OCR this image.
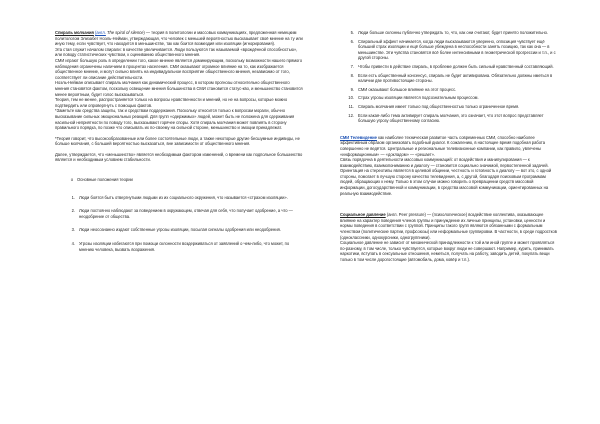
Спираль молчания (англ. The spiral of silence) — теория в политологии и массовых коммуникациях, предложенная немецким политологом Элизабет Ноэль-Нейман, утверждающая, что человек с меньшей вероятностью высказывает своё мнение на ту или иную тему, если чувствует, что находится в меньшинстве, так как боится возмездия или изоляции (игнорирования).

Эта стая служит началом спирали: в качестве увеличивается. Люди пользуются так называемой «врождённой способностью», или поводу статистических чувством, к оцениванию общественного мнения.

СМИ играют большую роль в определении того, какое мнение является доминирующим, поскольку возможности нашего прямого наблюдения ограничены наличием в процентах населения. СМИ оказывают огромное влияние на то, как изображается общественное мнение, и могут сильно влиять на индивидуальное восприятие общественного мнения, независимо от того, соответствует ли описание действительности.

Ноэль-Нейман описывает спираль молчания как динамический процесс, в котором прогнозы относительно общественного мнения становятся фактом, поскольку освещение мнения большинства в СМИ становится статус-кво, и меньшинство становится менее вероятным, будет голос высказываться.

Теория, тем не менее, распространяется только на вопросы нравственности и мнений, но не на вопросы, которые можно подтвердить или опровергнуть с помощью фактов.

*Заметьте как средства защиты, так и средствам поддержания. Поскольку относится только к вопросам морали, обычно высказывание сильных эмоциональных реакций. Для групп «одержимых» людей, может быть не положена для сдерживания насильной неприятности по поводу того, высказывают горячее споры. Хотя спираль молчания может повлиять в сторону правильного порядка, по позже что описывать их по-своему на сильной стороне, меньшинство и эмоции принадлежат.

*Теория говорит, что высокообразованные или более состоятельные люди, а также некоторые другие бесшумные индивиды, не больше молчания, с большей вероятностью высказаться, вне зависимости от общественного мнения.

Далее, утверждается, что «меньшинство» является необходимым фактором изменений, о времени как подпольное большинство является и необходимым условием стабильности.

o Основные положения теории

1. Люди боятся быть отвергнутыми людьми из их социального окружения, что называется «страхом изоляции».

2. Люди постоянно наблюдают за поведением в окружающем, отвечая для себя, что получает одобрение, а что — неодобрение от общества.

3. Люди неосознанно издают собственные угрозы изоляции, посылая сигналы одобрения или неодобрения.

4. Угрозы изоляции избегаются при помощи склонности воздерживаться от заявлений о чем-либо, что может, по мнению человека, вызвать возражения.

5. Люди больше склонны публично утверждать то, что, как они считают, будет принято положительно.

6. Спиральный эффект начинается, когда люди высказываются уверенно, оппозиция чувствует ещё больший страх изоляции и ещё больше убеждена в неспособности занять позицию, так как она — в меньшинстве. Эти чувства становятся всё более интенсивными в геометрической прогрессии и т.п., и с другой стороны.

7. Чтобы привести в действие спираль, в проблеме должен быть сильный нравственный составляющий.

8. Если есть общественный консенсус, спираль не будет активирована. Обязательно должны иметься в наличии две противостоящие стороны.

9. СМИ оказывают большое влияние на этот процесс.

10. Страх угрозы изоляции является подсознательным процессом.

11. Спираль молчания имеет только под общественностью только ограниченное время.

12. Если какая-либо тема активирует спираль молчания, это означает, что этот вопрос представляет большую угрозу общественному согласию.

СМИ Телевидение как наиболее техническая развитое часть современных СМИ, способно наиболее эффективным образом организовать подобный диалог. К сожалению, в настоящее время подобная работа совершенно не ведётся. Центральные и региональные телевизионные компании, как правило, увлечены «информационным» — «докладом» — «решает».

Связь порядочна в деятельности массовых коммуникаций: от воздействия и манипулирования — к взаимодействию, взаимопониманию и диалогу — становится социально значимой, первостепенной задачей. Ориентация на стереотипы является в целевой общении, честность и готовность к диалогу — вот это, с одной стороны, помогает в лучшую сторону качество телевидения, а, с другой, благодаря поисковым программам людей, обращающих к нему. Только в этом случае можно говорить о превращении средств массовой информации, догосударственной и коммуникации, в средства массовой коммуникации, ориентированных на реальную взаимодействие.

Социальное давление (англ. Peer pressure) — (психологическое) воздействие коллектива, оказывающее влияние на характер поведения членов группы и принуждение их личные принципы, установки, ценности и нормы поведения в соответствии с группой. Принципы такого групп являются обязанными с формальным членством (политические партии, профсоюзы) или неформальные группировки. В частности, в среде подростков (одноклассники, однокурсники, одногруппники).

Социальное давление не зависит от механической принадлежности к той или иной группе и может проявляться по-разному, в том числе, только чувствуется, которые вокруг люди не совершают. Например, курить, принимать наркотики, вступать в сексуальные отношения, неметься, получать на работу, заводить детей, покупать вещи только в том числе дорогостоящие (автомобиль, дома, ковёр и т.п.).
